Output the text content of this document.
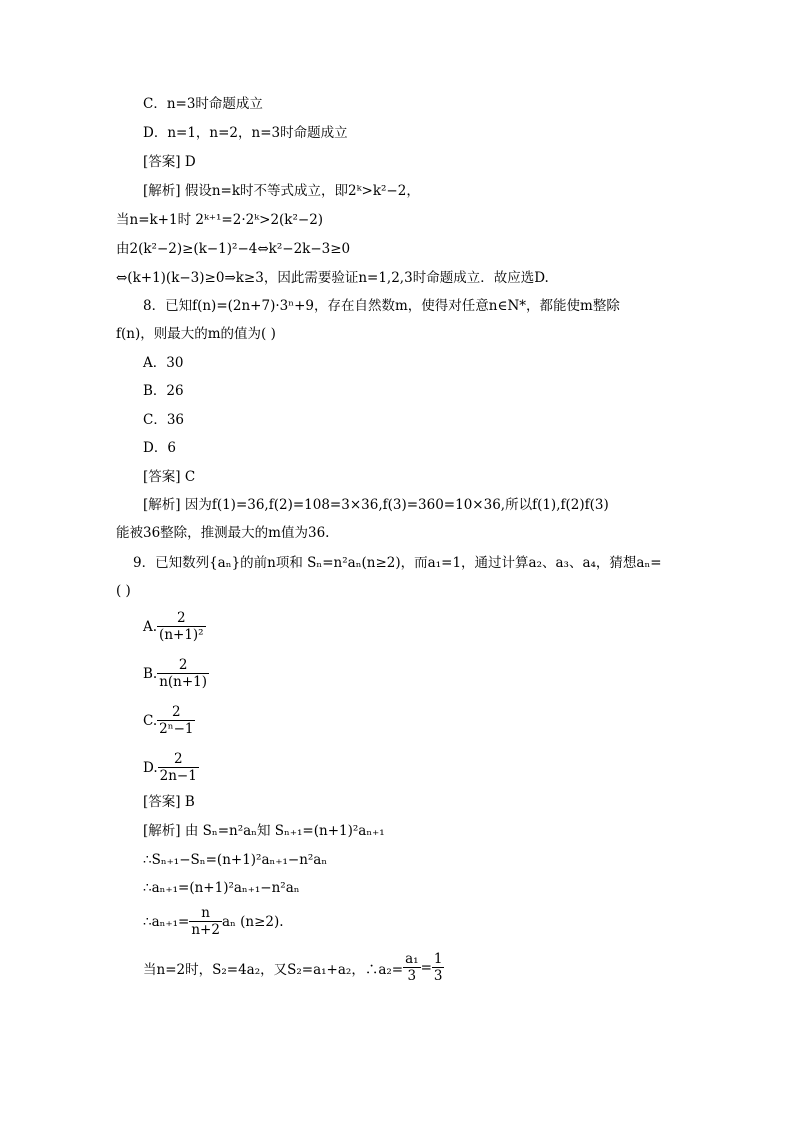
C．n=3时命题成立
D．n=1，n=2，n=3时命题成立
[答案] D
[解析] 假设n=k时不等式成立，即2ᵏ>k²−2，
当n=k+1时 2ᵏ⁺¹=2·2ᵏ>2(k²−2)
由2(k²−2)≥(k−1)²−4⇔k²−2k−3≥0
⇔(k+1)(k−3)≥0⇒k≥3，因此需要验证n=1,2,3时命题成立．故应选D.
8．已知f(n)=(2n+7)·3ⁿ+9，存在自然数m，使得对任意n∈N*，都能使m整除
f(n)，则最大的m的值为( )
A．30
B．26
C．36
D．6
[答案] C
[解析] 因为f(1)=36,f(2)=108=3×36,f(3)=360=10×36,所以f(1),f(2)f(3)
能被36整除，推测最大的m值为36.
9．已知数列{aₙ}的前n项和 Sₙ=n²aₙ(n≥2)，而a₁=1，通过计算a₂、a₃、a₄，猜想aₙ=
( )
A. $\frac{2}{\text{(n+1)²}}$
B. $\frac{2}{n(n+1)}$
C. $\frac{2}{\text{2ⁿ−1}}$
D. $\frac{2}{2n-1}$
[答案] B
[解析] 由 Sₙ=n²aₙ知 Sₙ₊₁=(n+1)²aₙ₊₁
∴Sₙ₊₁−Sₙ=(n+1)²aₙ₊₁−n²aₙ
∴aₙ₊₁=(n+1)²aₙ₊₁−n²aₙ
∴aₙ₊₁= $\frac{n}{n+2}$ aₙ (n≥2).
当n=2时，S₂=4a₂，又S₂=a₁+a₂，∴a₂= $\frac{\text{a₁}}{3} = \frac{1}{3}$
